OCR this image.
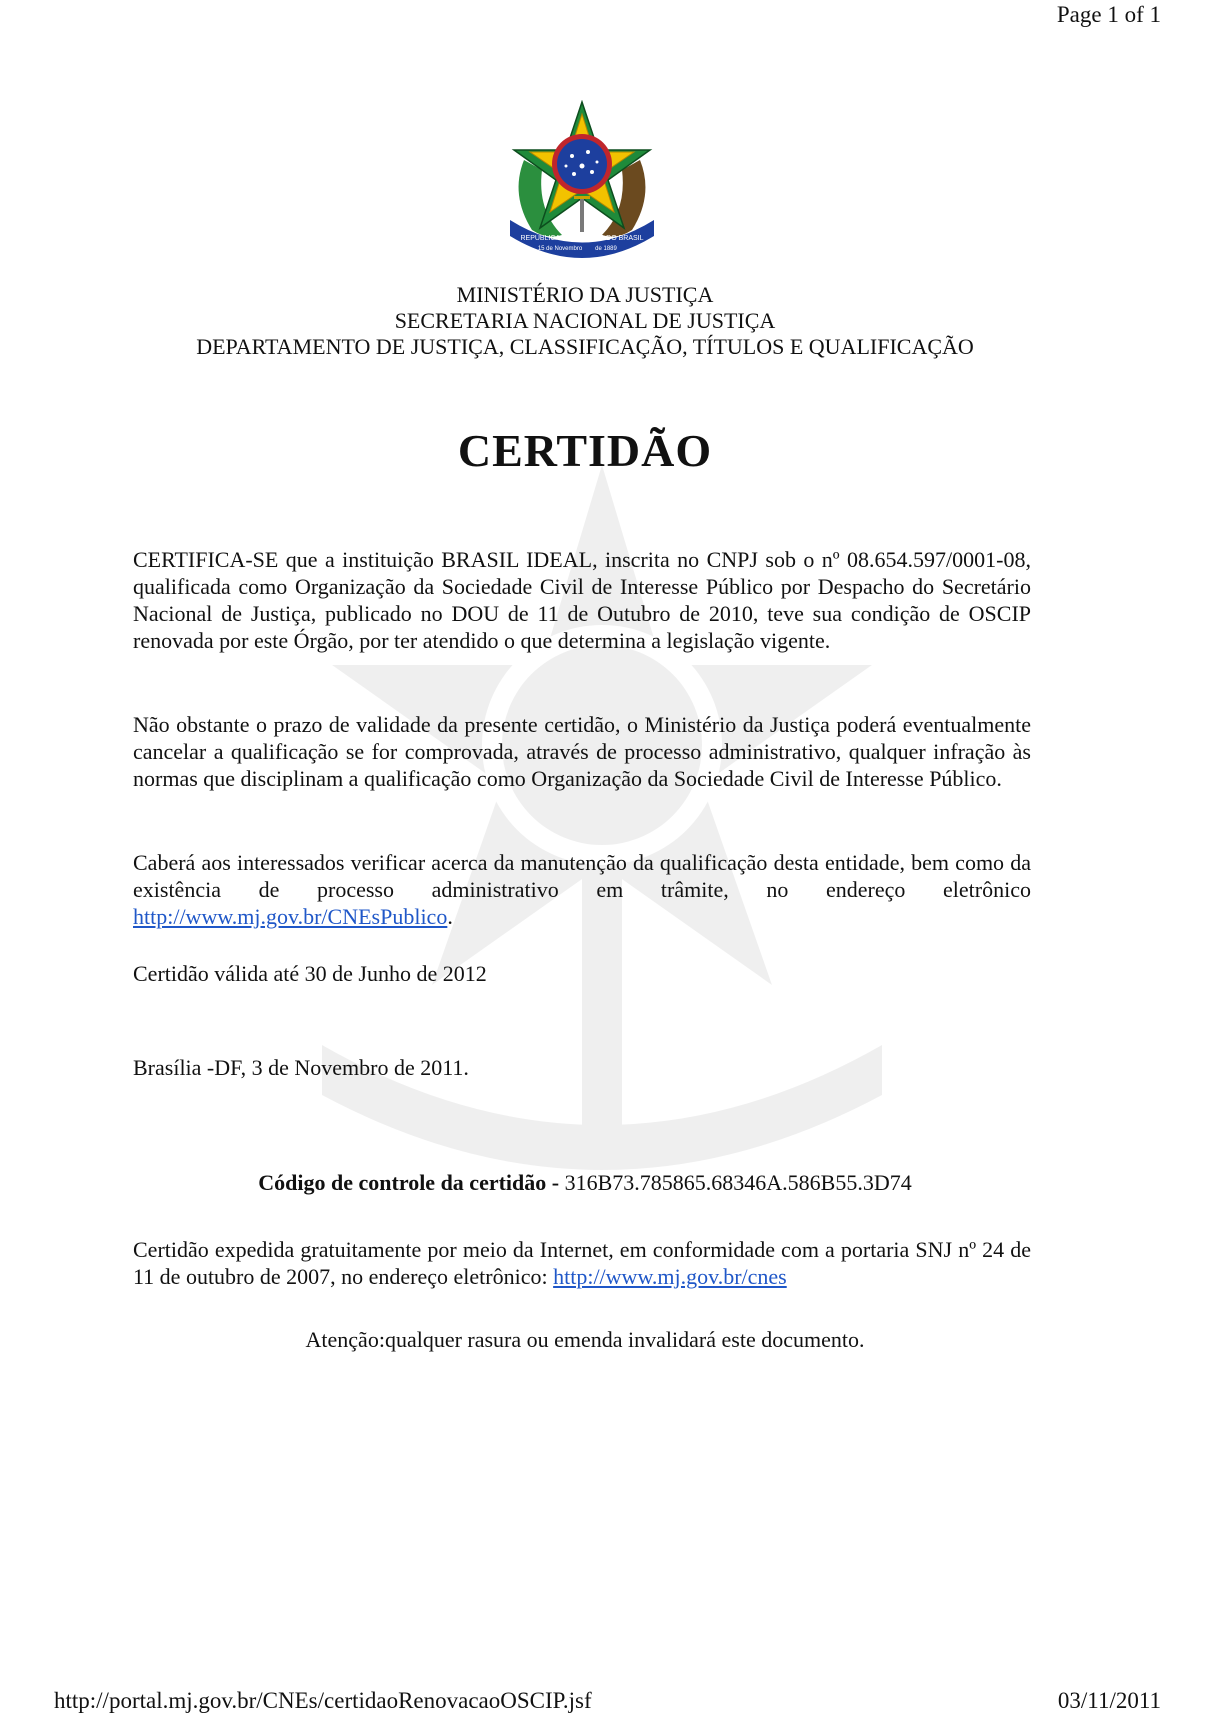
Page 1 of 1
REPÚBLICA FEDERATIVA DO BRASIL
15 de Novembro de 1889
MINISTÉRIO DA JUSTIÇA
SECRETARIA NACIONAL DE JUSTIÇA
DEPARTAMENTO DE JUSTIÇA, CLASSIFICAÇÃO, TÍTULOS E QUALIFICAÇÃO
CERTIDÃO

CERTIFICA-SE que a instituição BRASIL IDEAL, inscrita no CNPJ sob o nº 08.654.597/0001-08, qualificada como Organização da Sociedade Civil de Interesse Público por Despacho do Secretário Nacional de Justiça, publicado no DOU de 11 de Outubro de 2010, teve sua condição de OSCIP renovada por este Órgão, por ter atendido o que determina a legislação vigente.

Não obstante o prazo de validade da presente certidão, o Ministério da Justiça poderá eventualmente cancelar a qualificação se for comprovada, através de processo administrativo, qualquer infração às normas que disciplinam a qualificação como Organização da Sociedade Civil de Interesse Público.

Caberá aos interessados verificar acerca da manutenção da qualificação desta entidade, bem como da existência de processo administrativo em trâmite, no endereço eletrônico http://www.mj.gov.br/CNEsPublico.

Certidão válida até 30 de Junho de 2012
Brasília -DF, 3 de Novembro de 2011.
Código de controle da certidão - 316B73.785865.68346A.586B55.3D74

Certidão expedida gratuitamente por meio da Internet, em conformidade com a portaria SNJ nº 24 de 11 de outubro de 2007, no endereço eletrônico: http://www.mj.gov.br/cnes

Atenção:qualquer rasura ou emenda invalidará este documento.
http://portal.mj.gov.br/CNEs/certidaoRenovacaoOSCIP.jsf	03/11/2011
